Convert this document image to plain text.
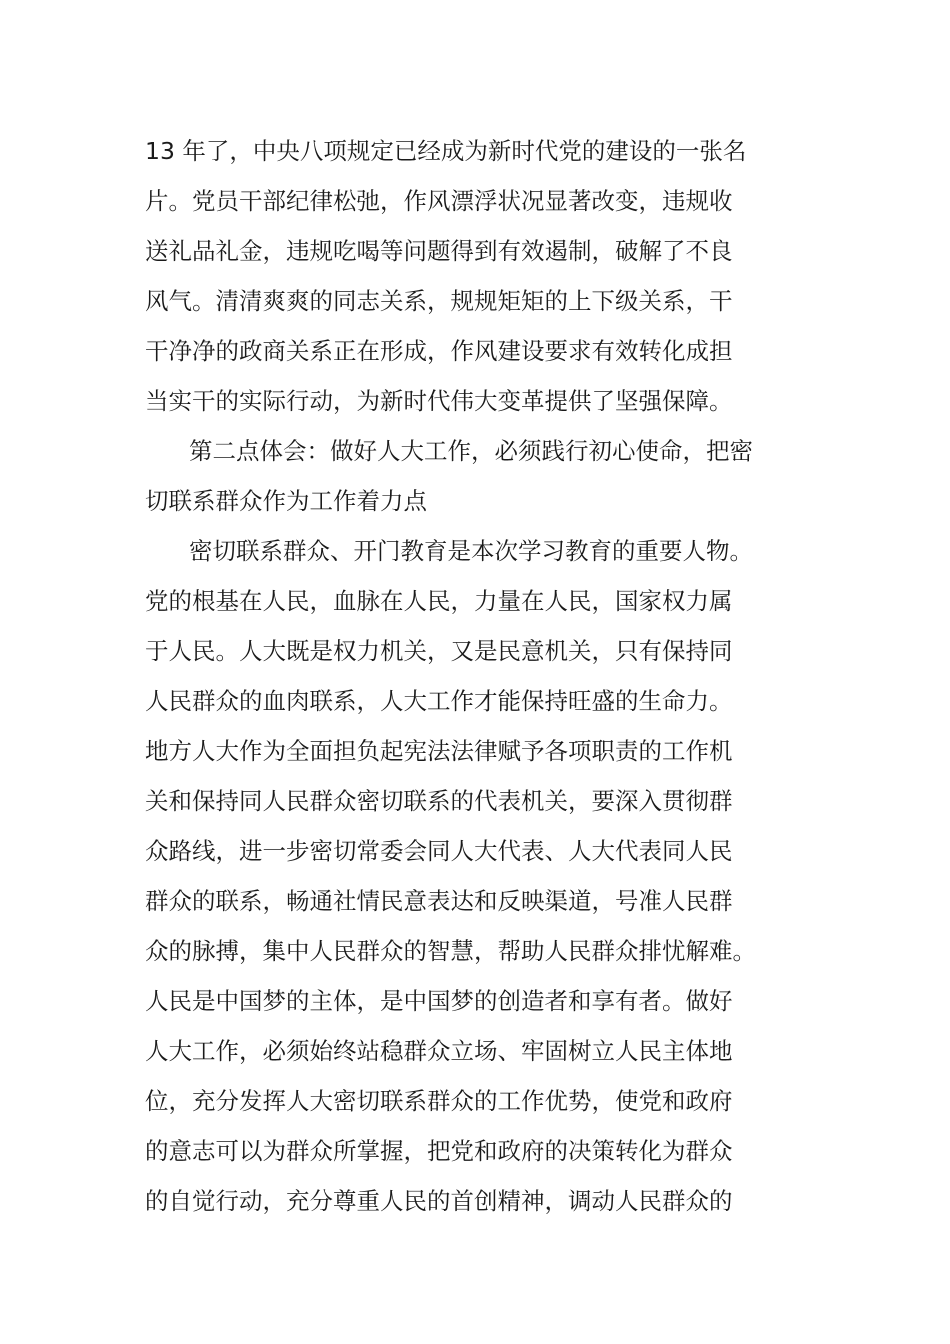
13 年了，中央八项规定已经成为新时代党的建设的一张名
片。党员干部纪律松弛，作风漂浮状况显著改变，违规收
送礼品礼金，违规吃喝等问题得到有效遏制，破解了不良
风气。清清爽爽的同志关系，规规矩矩的上下级关系，干
干净净的政商关系正在形成，作风建设要求有效转化成担
当实干的实际行动，为新时代伟大变革提供了坚强保障。
第二点体会：做好人大工作，必须践行初心使命，把密
切联系群众作为工作着力点
密切联系群众、开门教育是本次学习教育的重要人物。
党的根基在人民，血脉在人民，力量在人民，国家权力属
于人民。人大既是权力机关，又是民意机关，只有保持同
人民群众的血肉联系，人大工作才能保持旺盛的生命力。
地方人大作为全面担负起宪法法律赋予各项职责的工作机
关和保持同人民群众密切联系的代表机关，要深入贯彻群
众路线，进一步密切常委会同人大代表、人大代表同人民
群众的联系，畅通社情民意表达和反映渠道，号准人民群
众的脉搏，集中人民群众的智慧，帮助人民群众排忧解难。
人民是中国梦的主体，是中国梦的创造者和享有者。做好
人大工作，必须始终站稳群众立场、牢固树立人民主体地
位，充分发挥人大密切联系群众的工作优势，使党和政府
的意志可以为群众所掌握，把党和政府的决策转化为群众
的自觉行动，充分尊重人民的首创精神，调动人民群众的
